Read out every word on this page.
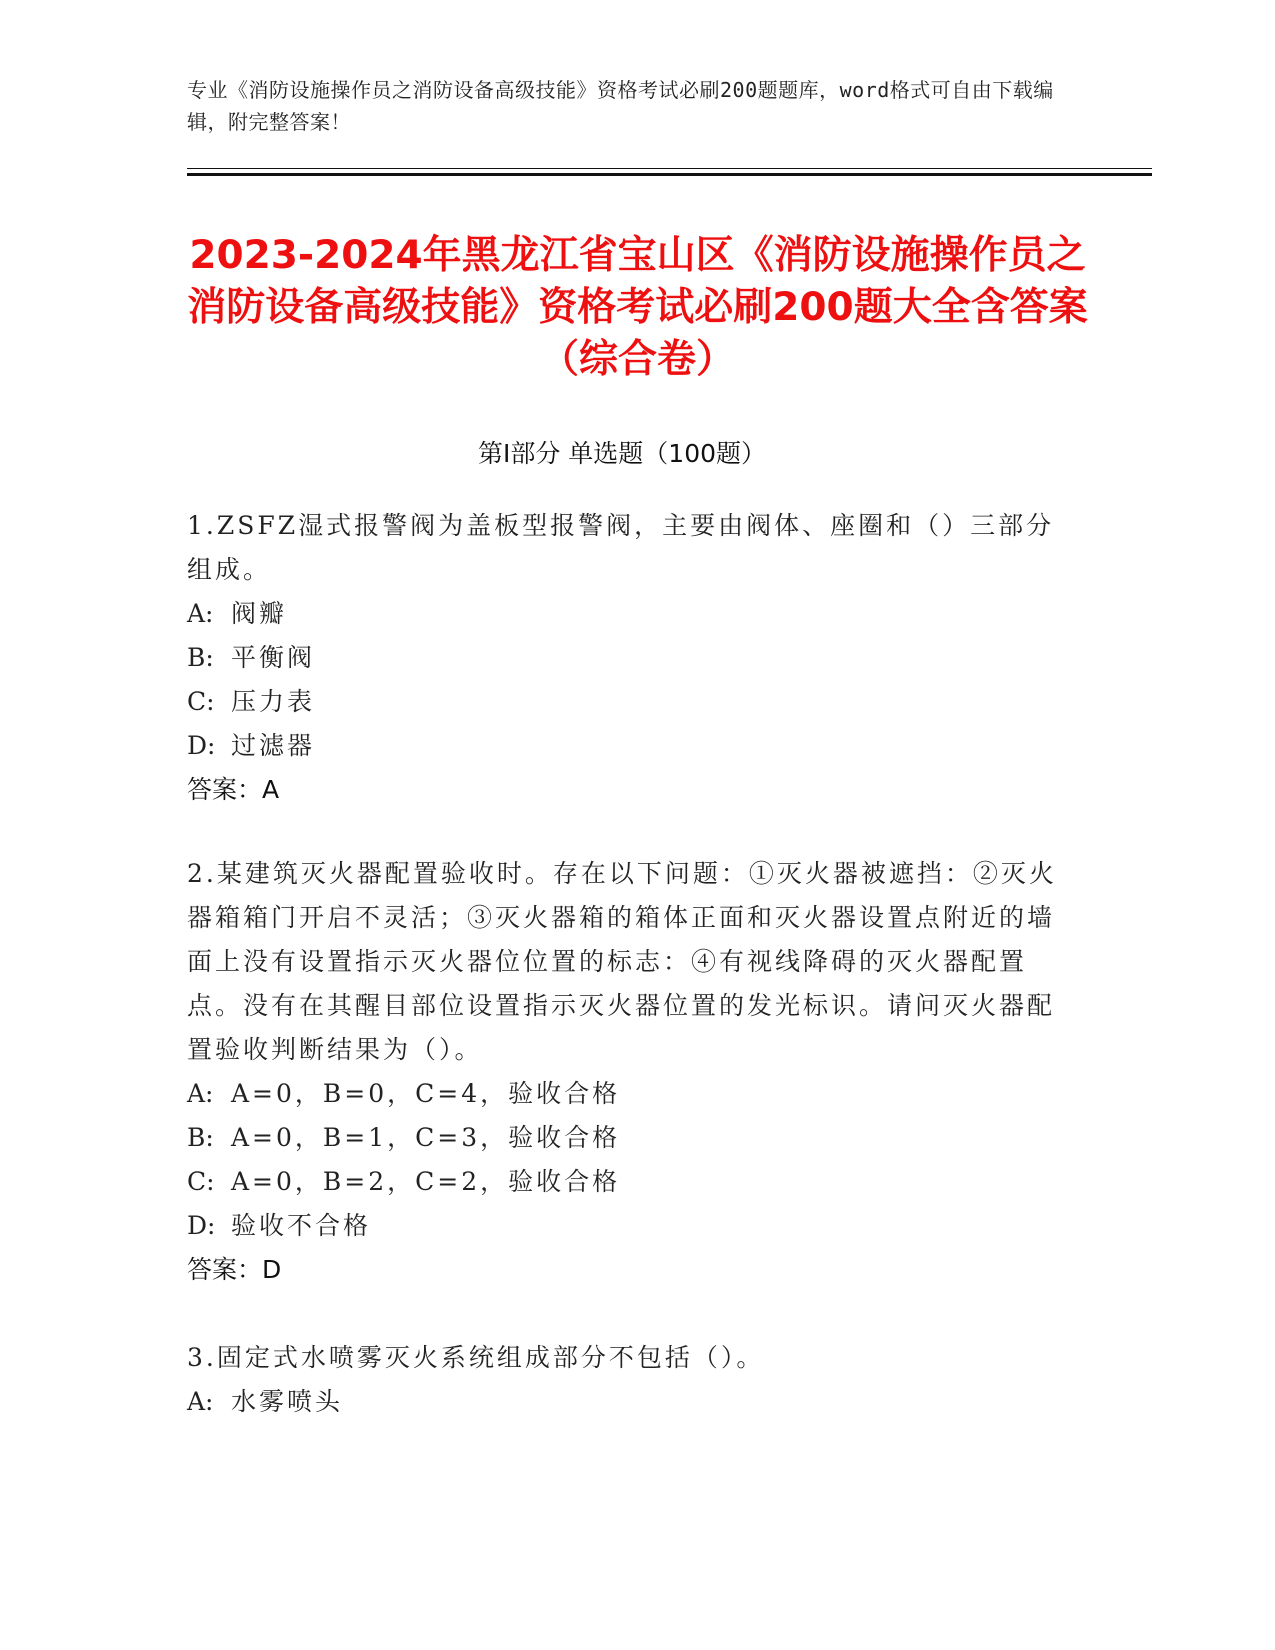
专业《消防设施操作员之消防设备高级技能》资格考试必刷200题题库，word格式可自由下载编辑，附完整答案！
2023-2024年黑龙江省宝山区《消防设施操作员之消防设备高级技能》资格考试必刷200题大全含答案（综合卷）
第Ⅰ部分 单选题（100题）

1.ZSFZ湿式报警阀为盖板型报警阀，主要由阀体、座圈和（）三部分组成。

A: 阀瓣

B: 平衡阀

C: 压力表

D: 过滤器

答案：A

2.某建筑灭火器配置验收时。存在以下问题：①灭火器被遮挡：②灭火器箱箱门开启不灵活；③灭火器箱的箱体正面和灭火器设置点附近的墙面上没有设置指示灭火器位位置的标志：④有视线降碍的灭火器配置点。没有在其醒目部位设置指示灭火器位置的发光标识。请问灭火器配置验收判断结果为（）。

A: A=0，B=0，C=4，验收合格

B: A=0，B=1，C=3，验收合格

C: A=0，B=2，C=2，验收合格

D: 验收不合格

答案：D

3.固定式水喷雾灭火系统组成部分不包括（）。

A: 水雾喷头
